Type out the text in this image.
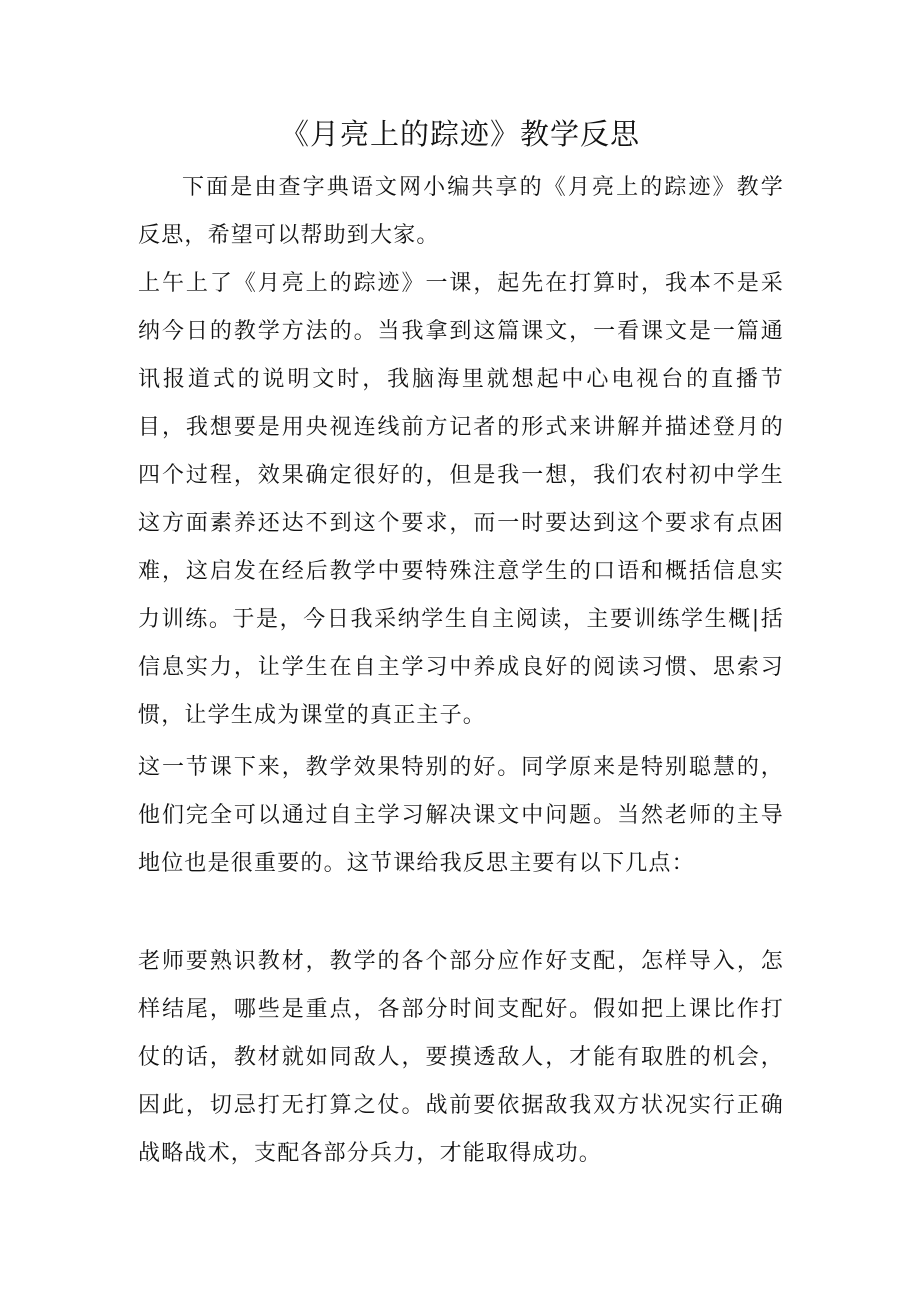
《月亮上的踪迹》教学反思

下面是由查字典语文网小编共享的《月亮上的踪迹》教学反思，希望可以帮助到大家。

上午上了《月亮上的踪迹》一课，起先在打算时，我本不是采纳今日的教学方法的。当我拿到这篇课文，一看课文是一篇通讯报道式的说明文时，我脑海里就想起中心电视台的直播节目，我想要是用央视连线前方记者的形式来讲解并描述登月的四个过程，效果确定很好的，但是我一想，我们农村初中学生这方面素养还达不到这个要求，而一时要达到这个要求有点困难，这启发在经后教学中要特殊注意学生的口语和概括信息实力训练。于是，今日我采纳学生自主阅读，主要训练学生概|括信息实力，让学生在自主学习中养成良好的阅读习惯、思索习惯，让学生成为课堂的真正主子。

这一节课下来，教学效果特别的好。同学原来是特别聪慧的，他们完全可以通过自主学习解决课文中问题。当然老师的主导地位也是很重要的。这节课给我反思主要有以下几点：

老师要熟识教材，教学的各个部分应作好支配，怎样导入，怎样结尾，哪些是重点，各部分时间支配好。假如把上课比作打仗的话，教材就如同敌人，要摸透敌人，才能有取胜的机会，因此，切忌打无打算之仗。战前要依据敌我双方状况实行正确战略战术，支配各部分兵力，才能取得成功。
